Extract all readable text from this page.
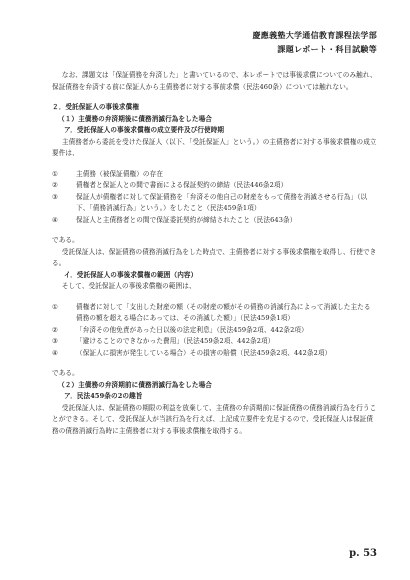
慶應義塾大学通信教育課程法学部
課題レポート・科目試験等

なお、課題文は「保証債務を弁済した」と書いているので、本レポートでは事後求償についてのみ触れ、保証債務を弁済する前に保証人から主債務者に対する事前求償（民法460条）については触れない。

２．受託保証人の事後求償権

（１）主債務の弁済期後に債務消滅行為をした場合

ア．受託保証人の事後求償権の成立要件及び行使時期

主債務者から委託を受けた保証人（以下、「受託保証人」という。）の主債務者に対する事後求償権の成立要件は、

①	主債務（被保証債権）の存在
②	債権者と保証人との間で書面による保証契約の締結（民法446条2項）
③	保証人が債権者に対して保証債務を「弁済その他自己の財産をもって債務を消滅させる行為」（以下、「債務消滅行為」という。）をしたこと（民法459条1項）
④	保証人と主債務者との間で保証委託契約が締結されたこと（民法643条）

である。

受託保証人は、保証債務の債務消滅行為をした時点で、主債務者に対する事後求償権を取得し、行使できる。

イ．受託保証人の事後求償権の範囲（内容）

そして、受託保証人の事後求償権の範囲は、

①	債権者に対して「支出した財産の額（その財産の額がその債務の消滅行為によって消滅した主たる債務の額を超える場合にあっては、その消滅した額）」（民法459条1項）
②	「弁済その他免責があった日以後の法定利息」（民法459条2項、442条2項）
③	「避けることのできなかった費用」（民法459条2項、442条2項）
④	（保証人に損害が発生している場合）その損害の賠償（民法459条2項、442条2項）

である。

（２）主債務の弁済期前に債務消滅行為をした場合

ア．民法459条の2の趣旨

受託保証人は、保証債務の期限の利益を放棄して、主債務の弁済期前に保証債務の債務消滅行為を行うことができる。そして、受託保証人が当該行為を行えば、上記成立要件を充足するので、受託保証人は保証債務の債務消滅行為時に主債務者に対する事後求償権を取得する。

p. 53
